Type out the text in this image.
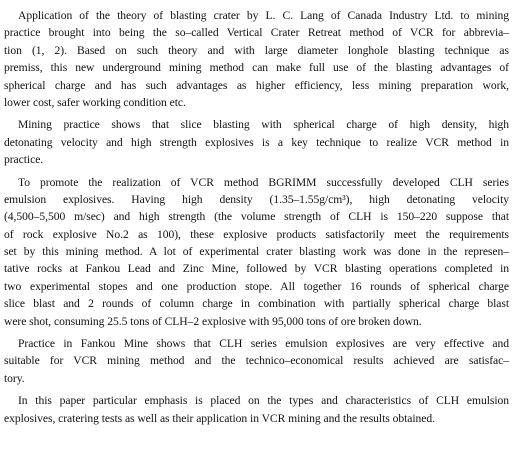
Application of the theory of blasting crater by L. C. Lang of Canada Industry Ltd. to mining
practice brought into being the so–called Vertical Crater Retreat method of VCR for abbrevia–
tion (1, 2). Based on such theory and with large diameter longhole blasting technique as
premiss, this new underground mining method can make full use of the blasting advantages of
spherical charge and has such advantages as higher efficiency, less mining preparation work,
lower cost, safer working condition etc.
Mining practice shows that slice blasting with spherical charge of high density, high
detonating velocity and high strength explosives is a key technique to realize VCR method in
practice.
To promote the realization of VCR method BGRIMM successfully developed CLH series
emulsion explosives. Having high density (1.35–1.55g/cm³), high detonating velocity
(4,500–5,500 m/sec) and high strength (the volume strength of CLH is 150–220 suppose that
of rock explosive No.2 as 100), these explosive products satisfactorily meet the requirements
set by this mining method. A lot of experimental crater blasting work was done in the represen–
tative rocks at Fankou Lead and Zinc Mine, followed by VCR blasting operations completed in
two experimental stopes and one production stope. All together 16 rounds of spherical charge
slice blast and 2 rounds of column charge in combination with partially spherical charge blast
were shot, consuming 25.5 tons of CLH–2 explosive with 95,000 tons of ore broken down.
Practice in Fankou Mine shows that CLH series emulsion explosives are very effective and
suitable for VCR mining method and the technico–economical results achieved are satisfac–
tory.
In this paper particular emphasis is placed on the types and characteristics of CLH emulsion
explosives, cratering tests as well as their application in VCR mining and the results obtained.
